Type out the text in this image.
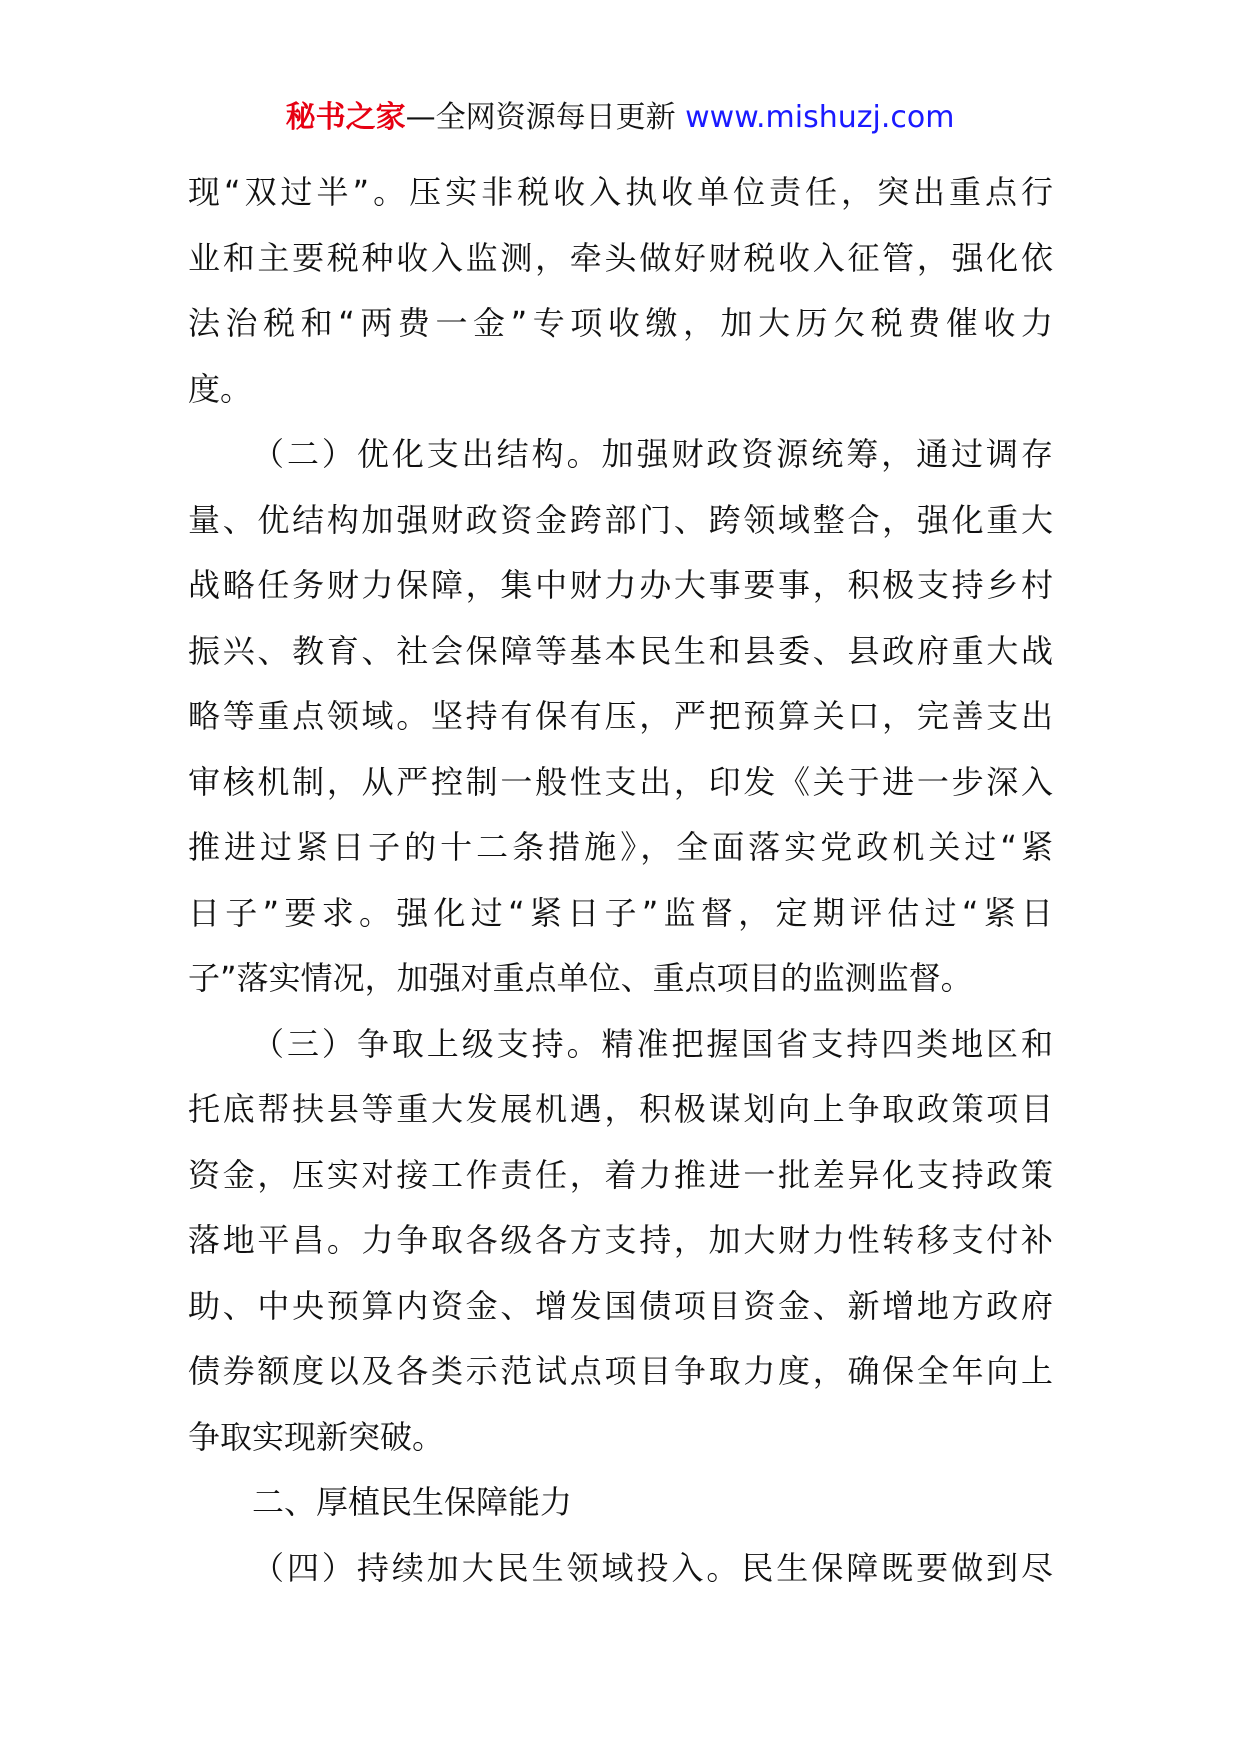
秘书之家—全网资源每日更新 www.mishuzj.com
现“双过半”。压实非税收入执收单位责任，突出重点行
业和主要税种收入监测，牵头做好财税收入征管，强化依
法治税和“两费一金”专项收缴，加大历欠税费催收力
度。
（二）优化支出结构。加强财政资源统筹，通过调存
量、优结构加强财政资金跨部门、跨领域整合，强化重大
战略任务财力保障，集中财力办大事要事，积极支持乡村
振兴、教育、社会保障等基本民生和县委、县政府重大战
略等重点领域。坚持有保有压，严把预算关口，完善支出
审核机制，从严控制一般性支出，印发《关于进一步深入
推进过紧日子的十二条措施》，全面落实党政机关过“紧
日子”要求。强化过“紧日子”监督，定期评估过“紧日
子”落实情况，加强对重点单位、重点项目的监测监督。
（三）争取上级支持。精准把握国省支持四类地区和
托底帮扶县等重大发展机遇，积极谋划向上争取政策项目
资金，压实对接工作责任，着力推进一批差异化支持政策
落地平昌。力争取各级各方支持，加大财力性转移支付补
助、中央预算内资金、增发国债项目资金、新增地方政府
债券额度以及各类示范试点项目争取力度，确保全年向上
争取实现新突破。
二、厚植民生保障能力
（四）持续加大民生领域投入。民生保障既要做到尽
